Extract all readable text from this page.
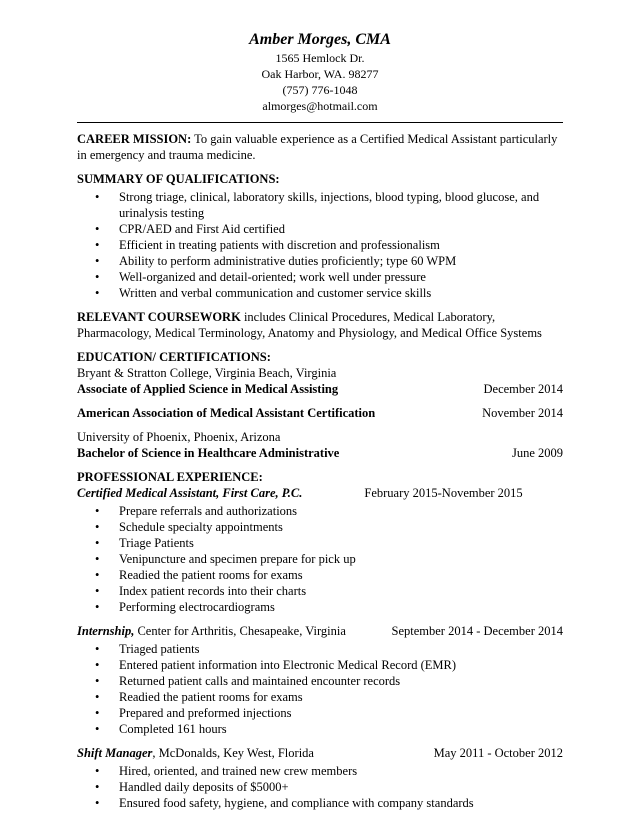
Amber Morges, CMA
1565 Hemlock Dr.
Oak Harbor, WA. 98277
(757) 776-1048
almorges@hotmail.com
CAREER MISSION: To gain valuable experience as a Certified Medical Assistant particularly in emergency and trauma medicine.
SUMMARY OF QUALIFICATIONS:
• Strong triage, clinical, laboratory skills, injections, blood typing, blood glucose, and urinalysis testing
• CPR/AED and First Aid certified
• Efficient in treating patients with discretion and professionalism
• Ability to perform administrative duties proficiently; type 60 WPM
• Well-organized and detail-oriented; work well under pressure
• Written and verbal communication and customer service skills
RELEVANT COURSEWORK includes Clinical Procedures, Medical Laboratory, Pharmacology, Medical Terminology, Anatomy and Physiology, and Medical Office Systems
EDUCATION/ CERTIFICATIONS:
Bryant & Stratton College, Virginia Beach, Virginia
Associate of Applied Science in Medical Assisting	December 2014
American Association of Medical Assistant Certification	November 2014
University of Phoenix, Phoenix, Arizona
Bachelor of Science in Healthcare Administrative	June 2009
PROFESSIONAL EXPERIENCE:
Certified Medical Assistant, First Care, P.C.	February 2015-November 2015
• Prepare referrals and authorizations
• Schedule specialty appointments
• Triage Patients
• Venipuncture and specimen prepare for pick up
• Readied the patient rooms for exams
• Index patient records into their charts
• Performing electrocardiograms
Internship, Center for Arthritis, Chesapeake, Virginia	September 2014 - December 2014
• Triaged patients
• Entered patient information into Electronic Medical Record (EMR)
• Returned patient calls and maintained encounter records
• Readied the patient rooms for exams
• Prepared and preformed injections
• Completed 161 hours
Shift Manager, McDonalds, Key West, Florida	May 2011 - October 2012
• Hired, oriented, and trained new crew members
• Handled daily deposits of $5000+
• Ensured food safety, hygiene, and compliance with company standards
